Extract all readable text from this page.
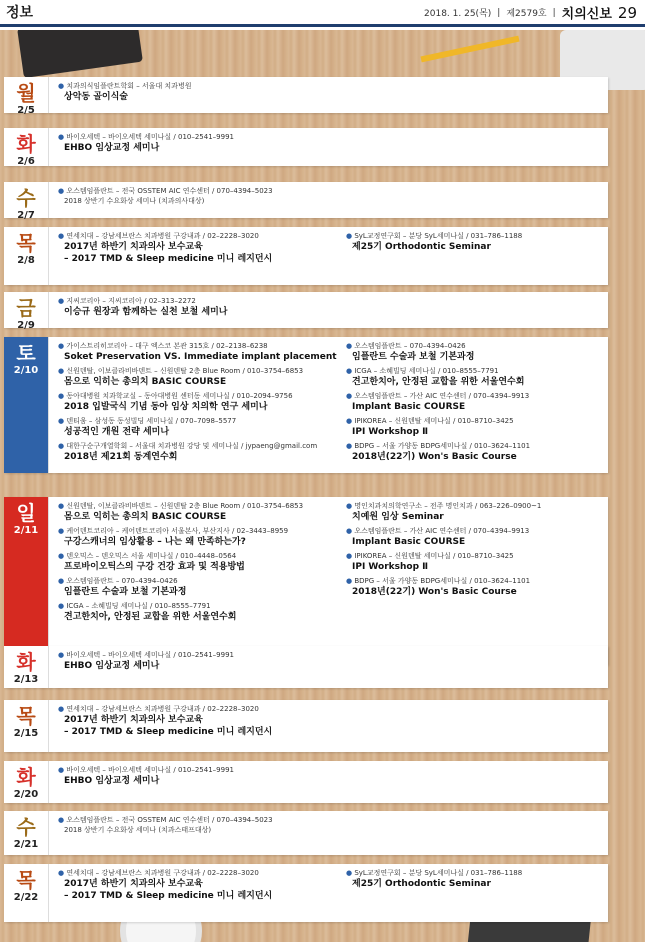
정보	2018. 1. 25(목) | 제2579호 | 치의신보 29
월
2/5
● 치과의식임플란트학회 – 서울대 치과병원
상악동 골이식술
화
2/6
● 바이오세텍 – 바이오세텍 세미나실 / 010–2541–9991
EHBO 임상교정 세미나
수
2/7
● 오스템임플란트 – 전국 OSSTEM AIC 연수센터 / 070–4394–5023
2018 상반기 수요화상 세미나 (치과의사대상)
목
2/8
● 연세치대 – 강남세브란스 치과병원 구강내과 / 02–2228–3020
2017년 하반기 치과의사 보수교육
– 2017 TMD & Sleep medicine 미니 레지던시
● SyL교정연구회 – 분당 SyL세미나실 / 031–786–1188
제25기 Orthodontic Seminar
금
2/9
● 지씨코리아 – 지씨코리아 / 02–313–2272
이승규 원장과 함께하는 실천 보철 세미나
토
2/10
● 가이스트리히코리아 – 대구 엑스코 본관 315호 / 02–2138–6238
Soket Preservation VS. Immediate implant placement
● 신원덴탈, 이보클라비바덴트 – 신원덴탈 2층 Blue Room / 010–3754–6853
몸으로 익히는 총의치 BASIC COURSE
● 동아대병원 치과학교실 – 동아대병원 센터동 세미나실 / 010–2094–9756
2018 입발국식 기념 동아 임상 치의학 연구 세미나
● 덴티움 – 삼성동 동성빌딩 세미나실 / 070–7098–5577
성공적인 개원 전략 세미나
● 대한구순구개열학회 – 서울대 치과병원 강당 및 세미나실 / jypaeng@gmail.com
2018년 제21회 동계연수회
● 오스템임플란트 – 070–4394–0426
임플란트 수술과 보철 기본과정
● ICGA – 소혜빌딩 세미나실 / 010–8555–7791
견고한치아, 안정된 교합을 위한 서울연수회
● 오스템임플란트 – 가산 AIC 연수센터 / 070–4394–9913
Implant Basic COURSE
● IPIKOREA – 신원덴탈 세미나실 / 010–8710–3425
IPI Workshop Ⅱ
● BDPG – 서울 가양동 BDPG세미나실 / 010–3624–1101
2018년(22기) Won's Basic Course
일
2/11
● 신원덴탈, 이보클라비바덴트 – 신원덴탈 2층 Blue Room / 010–3754–6853
몸으로 익히는 총의치 BASIC COURSE
● 케어덴트코리아 – 케어덴트코리아 서울본사, 부산지사 / 02–3443–8959
구강스캐너의 임상활용 – 나는 왜 만족하는가?
● 덴오믹스 – 덴오믹스 서울 세미나실 / 010–4448–0564
프로바이오틱스의 구강 건강 효과 및 적용방법
● 오스템임플란트 – 070–4394–0426
임플란트 수술과 보철 기본과정
● ICGA – 소혜빌딩 세미나실 / 010–8555–7791
견고한치아, 안정된 교합을 위한 서울연수회
● 명인치과치의학연구소 – 전주 명인치과 / 063–226–0900~1
치예원 임상 Seminar
● 오스템임플란트 – 가산 AIC 연수센터 / 070–4394–9913
Implant Basic COURSE
● IPIKOREA – 신원덴탈 세미나실 / 010–8710–3425
IPI Workshop Ⅱ
● BDPG – 서울 가양동 BDPG세미나실 / 010–3624–1101
2018년(22기) Won's Basic Course
화
2/13
● 바이오세텍 – 바이오세텍 세미나실 / 010–2541–9991
EHBO 임상교정 세미나
목
2/15
● 연세치대 – 강남세브란스 치과병원 구강내과 / 02–2228–3020
2017년 하반기 치과의사 보수교육
– 2017 TMD & Sleep medicine 미니 레지던시
화
2/20
● 바이오세텍 – 바이오세텍 세미나실 / 010–2541–9991
EHBO 임상교정 세미나
수
2/21
● 오스템임플란트 – 전국 OSSTEM AIC 연수센터 / 070–4394–5023
2018 상반기 수요화상 세미나 (치과스태프대상)
목
2/22
● 연세치대 – 강남세브란스 치과병원 구강내과 / 02–2228–3020
2017년 하반기 치과의사 보수교육
– 2017 TMD & Sleep medicine 미니 레지던시
● SyL교정연구회 – 분당 SyL세미나실 / 031–786–1188
제25기 Orthodontic Seminar
